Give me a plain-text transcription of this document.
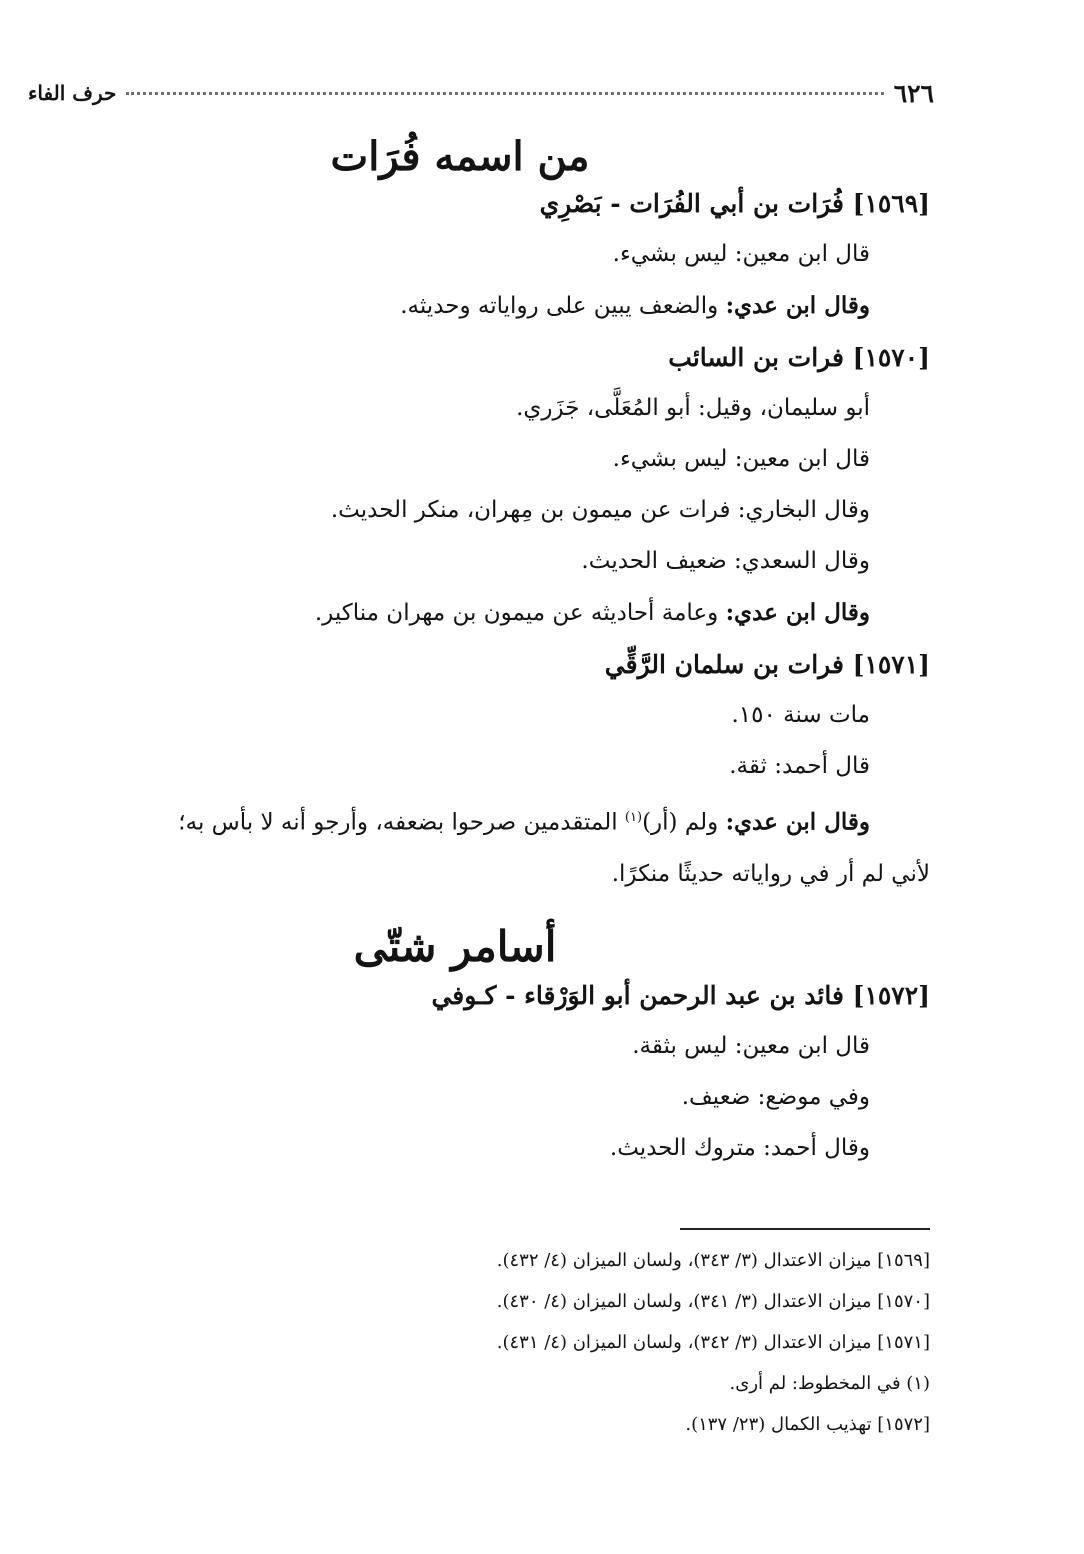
٦٢٦
حرف الفاء
من اسمه فُرَات
[١٥٦٩] فُرَات بن أبي الفُرَات - بَصْرِي
قال ابن معين: ليس بشيء.
وقال ابن عدي: والضعف يبين على رواياته وحديثه.
[١٥٧٠] فرات بن السائب
أبو سليمان، وقيل: أبو المُعَلَّى، جَزَري.
قال ابن معين: ليس بشيء.
وقال البخاري: فرات عن ميمون بن مِهران، منكر الحديث.
وقال السعدي: ضعيف الحديث.
وقال ابن عدي: وعامة أحاديثه عن ميمون بن مهران مناكير.
[١٥٧١] فرات بن سلمان الرَّقِّي
مات سنة ١٥٠.
قال أحمد: ثقة.
وقال ابن عدي: ولم (أر)$^{(١)}$ المتقدمين صرحوا بضعفه، وأرجو أنه لا بأس به؛
لأني لم أر في رواياته حديثًا منكرًا.
أسامر شتّى
[١٥٧٢] فائد بن عبد الرحمن أبو الوَرْقاء - كـوفي
قال ابن معين: ليس بثقة.
وفي موضع: ضعيف.
وقال أحمد: متروك الحديث.
[١٥٦٩] ميزان الاعتدال (٣/ ٣٤٣)، ولسان الميزان (٤/ ٤٣٢).
[١٥٧٠] ميزان الاعتدال (٣/ ٣٤١)، ولسان الميزان (٤/ ٤٣٠).
[١٥٧١] ميزان الاعتدال (٣/ ٣٤٢)، ولسان الميزان (٤/ ٤٣١).
(١) في المخطوط: لم أرى.
[١٥٧٢] تهذيب الكمال (٢٣/ ١٣٧).
